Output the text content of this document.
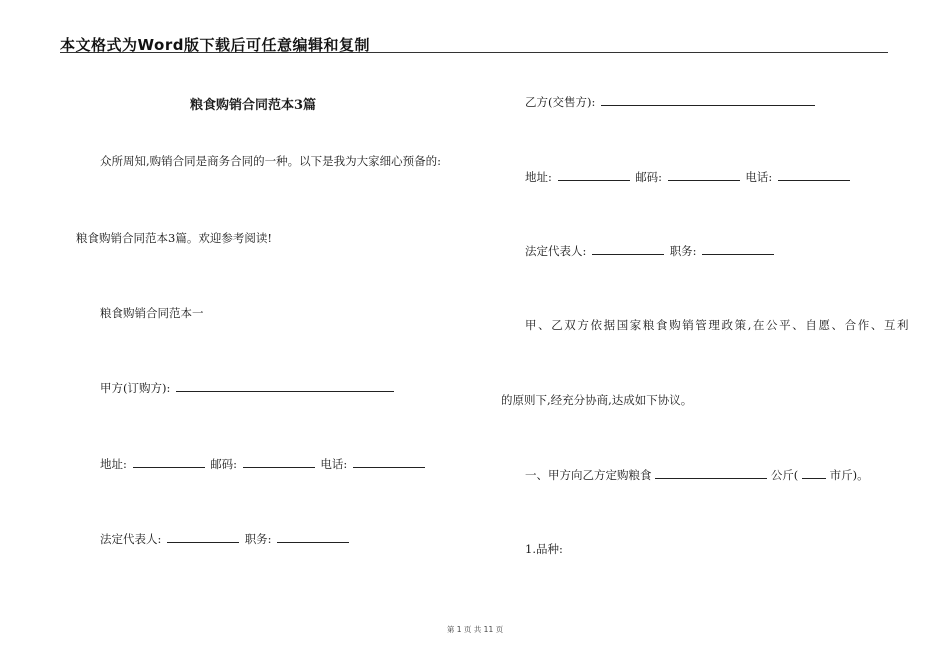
本文格式为Word版下载后可任意编辑和复制
粮食购销合同范本3篇
众所周知,购销合同是商务合同的一种。以下是我为大家细心预备的:
粮食购销合同范本3篇。欢迎参考阅读!
粮食购销合同范本一
甲方(订购方):
地址:	邮码:	电话:
法定代表人:	职务:
乙方(交售方):
地址:	邮码:	电话:
法定代表人:	职务:
甲、乙双方依据国家粮食购销管理政策,在公平、自愿、合作、互利
的原则下,经充分协商,达成如下协议。
一、甲方向乙方定购粮食	公斤(	市斤)。
1.品种:
第 1 页 共 11 页
